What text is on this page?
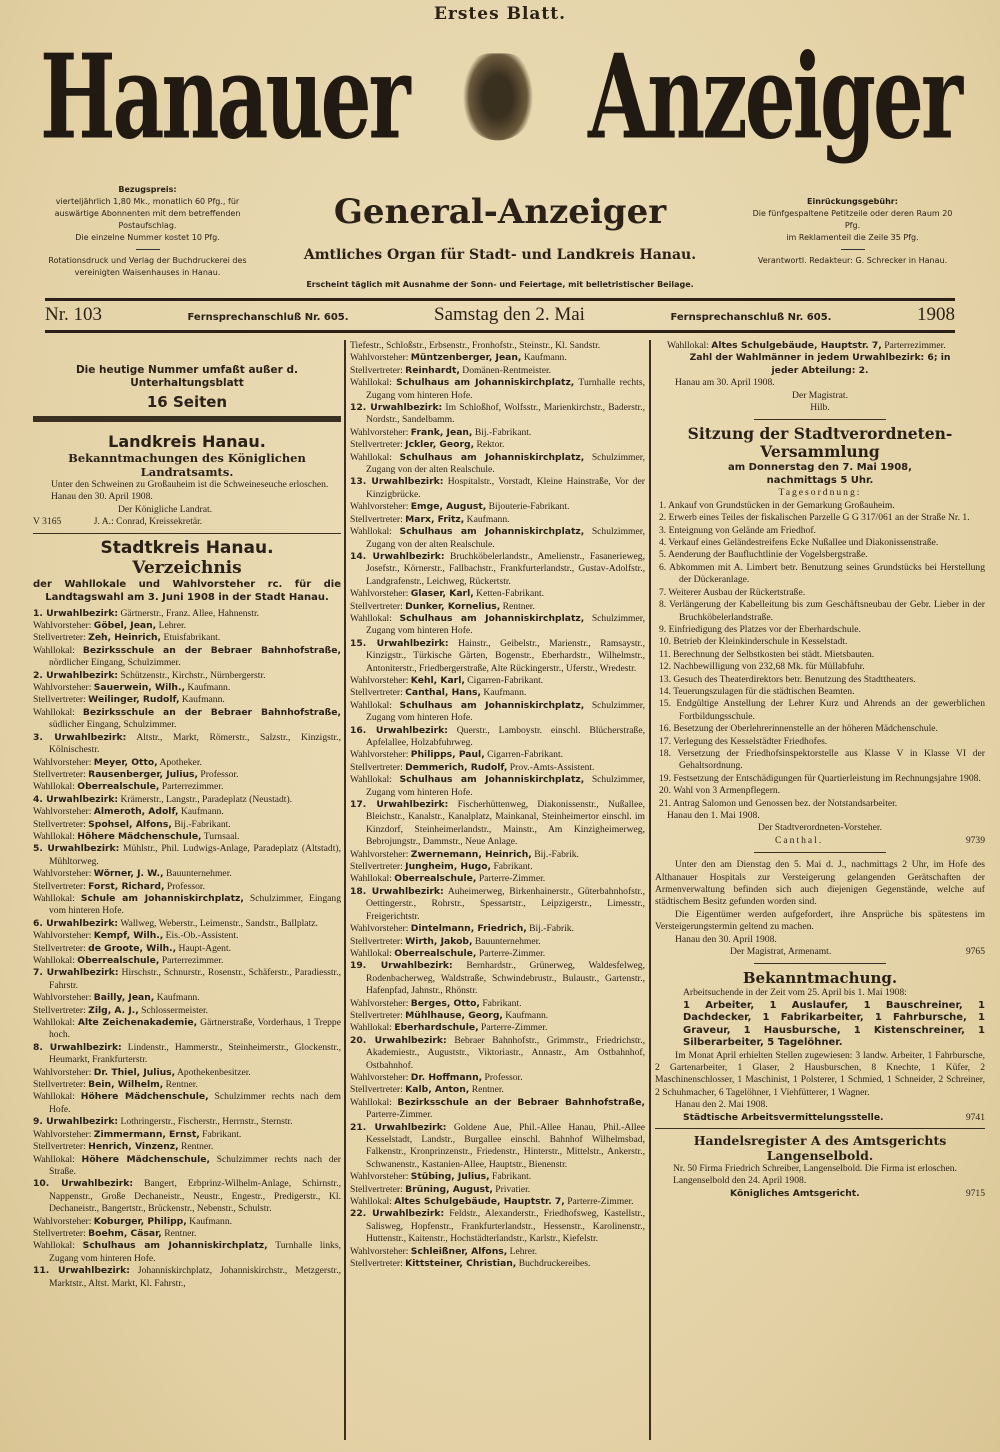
Erstes Blatt.
Hanauer Anzeiger
Bezugspreis:
vierteljährlich 1,80 Mk., monatlich 60 Pfg., für auswärtige Abonnenten mit dem betreffenden Postaufschlag.
Die einzelne Nummer kostet 10 Pfg.
Rotationsdruck und Verlag der Buchdruckerei des vereinigten Waisenhauses in Hanau.
General-Anzeiger
Amtliches Organ für Stadt- und Landkreis Hanau.
Erscheint täglich mit Ausnahme der Sonn- und Feiertage, mit belletristischer Beilage.
Einrückungsgebühr:
Die fünfgespaltene Petitzeile oder deren Raum 20 Pfg.
im Reklamenteil die Zeile 35 Pfg.
Verantwortl. Redakteur: G. Schrecker in Hanau.
Nr. 103	Fernsprechanschluß Nr. 605.	Samstag den 2. Mai	Fernsprechanschluß Nr. 605.	1908
Die heutige Nummer umfaßt außer d. Unterhaltungsblatt
16 Seiten
Landkreis Hanau.
Bekanntmachungen des Königlichen Landratsamts.

Unter den Schweinen zu Großauheim ist die Schweineseuche erloschen.

Hanau den 30. April 1908.

Der Königliche Landrat.

V 3165	J. A.: Conrad, Kreissekretär.

Stadtkreis Hanau.
Verzeichnis
der Wahllokale und Wahlvorsteher rc. für die Landtagswahl am 3. Juni 1908 in der Stadt Hanau.

1. Urwahlbezirk: Gärtnerstr., Franz. Allee, Hahnenstr.

Wahlvorsteher: Göbel, Jean, Lehrer.

Stellvertreter: Zeh, Heinrich, Etuisfabrikant.

Wahllokal: Bezirksschule an der Bebraer Bahnhofstraße, nördlicher Eingang, Schulzimmer.

2. Urwahlbezirk: Schützenstr., Kirchstr., Nürnbergerstr.

Wahlvorsteher: Sauerwein, Wilh., Kaufmann.

Stellvertreter: Weilinger, Rudolf, Kaufmann.

Wahllokal: Bezirksschule an der Bebraer Bahnhofstraße, südlicher Eingang, Schulzimmer.

3. Urwahlbezirk: Altstr., Markt, Römerstr., Salzstr., Kinzigstr., Kölnischestr.

Wahlvorsteher: Meyer, Otto, Apotheker.

Stellvertreter: Rausenberger, Julius, Professor.

Wahllokal: Oberrealschule, Parterrezimmer.

4. Urwahlbezirk: Krämerstr., Langstr., Paradeplatz (Neustadt).

Wahlvorsteher: Almeroth, Adolf, Kaufmann.

Stellvertreter: Spohsel, Alfons, Bij.-Fabrikant.

Wahllokal: Höhere Mädchenschule, Turnsaal.

5. Urwahlbezirk: Mühlstr., Phil. Ludwigs-Anlage, Paradeplatz (Altstadt), Mühltorweg.

Wahlvorsteher: Wörner, J. W., Bauunternehmer.

Stellvertreter: Forst, Richard, Professor.

Wahllokal: Schule am Johanniskirchplatz, Schulzimmer, Eingang vom hinteren Hofe.

6. Urwahlbezirk: Wallweg, Weberstr., Leimenstr., Sandstr., Ballplatz.

Wahlvorsteher: Kempf, Wilh., Eis.-Ob.-Assistent.

Stellvertreter: de Groote, Wilh., Haupt-Agent.

Wahllokal: Oberrealschule, Parterrezimmer.

7. Urwahlbezirk: Hirschstr., Schnurstr., Rosenstr., Schäferstr., Paradiesstr., Fahrstr.

Wahlvorsteher: Bailly, Jean, Kaufmann.

Stellvertreter: Zilg, A. J., Schlossermeister.

Wahllokal: Alte Zeichenakademie, Gärtnerstraße, Vorderhaus, 1 Treppe hoch.

8. Urwahlbezirk: Lindenstr., Hammerstr., Steinheimerstr., Glockenstr., Heumarkt, Frankfurterstr.

Wahlvorsteher: Dr. Thiel, Julius, Apothekenbesitzer.

Stellvertreter: Bein, Wilhelm, Rentner.

Wahllokal: Höhere Mädchenschule, Schulzimmer rechts nach dem Hofe.

9. Urwahlbezirk: Lothringerstr., Fischerstr., Herrnstr., Sternstr.

Wahlvorsteher: Zimmermann, Ernst, Fabrikant.

Stellvertreter: Henrich, Vinzenz, Rentner.

Wahllokal: Höhere Mädchenschule, Schulzimmer rechts nach der Straße.

10. Urwahlbezirk: Bangert, Erbprinz-Wilhelm-Anlage, Schirnstr., Nappenstr., Große Dechaneistr., Neustr., Engestr., Predigerstr., Kl. Dechaneistr., Bangertstr., Brückenstr., Nebenstr., Schulstr.

Wahlvorsteher: Koburger, Philipp, Kaufmann.

Stellvertreter: Boehm, Cäsar, Rentner.

Wahllokal: Schulhaus am Johanniskirchplatz, Turnhalle links, Zugang vom hinteren Hofe.

11. Urwahlbezirk: Johanniskirchplatz, Johanniskirchstr., Metzgerstr., Marktstr., Altst. Markt, Kl. Fahrstr.,

Tiefestr., Schloßstr., Erbsenstr., Fronhofstr., Steinstr., Kl. Sandstr.

Wahlvorsteher: Müntzenberger, Jean, Kaufmann.

Stellvertreter: Reinhardt, Domänen-Rentmeister.

Wahllokal: Schulhaus am Johanniskirchplatz, Turnhalle rechts, Zugang vom hinteren Hofe.

12. Urwahlbezirk: Im Schloßhof, Wolfsstr., Marienkirchstr., Baderstr., Nordstr., Sandelbamm.

Wahlvorsteher: Frank, Jean, Bij.-Fabrikant.

Stellvertreter: Jckler, Georg, Rektor.

Wahllokal: Schulhaus am Johanniskirchplatz, Schulzimmer, Zugang von der alten Realschule.

13. Urwahlbezirk: Hospitalstr., Vorstadt, Kleine Hainstraße, Vor der Kinzigbrücke.

Wahlvorsteher: Emge, August, Bijouterie-Fabrikant.

Stellvertreter: Marx, Fritz, Kaufmann.

Wahllokal: Schulhaus am Johanniskirchplatz, Schulzimmer, Zugang von der alten Realschule.

14. Urwahlbezirk: Bruchköbelerlandstr., Amelienstr., Fasanerieweg, Josefstr., Körnerstr., Fallbachstr., Frankfurterlandstr., Gustav-Adolfstr., Landgrafenstr., Leichweg, Rückertstr.

Wahlvorsteher: Glaser, Karl, Ketten-Fabrikant.

Stellvertreter: Dunker, Kornelius, Rentner.

Wahllokal: Schulhaus am Johanniskirchplatz, Schulzimmer, Zugang vom hinteren Hofe.

15. Urwahlbezirk: Hainstr., Geibelstr., Marienstr., Ramsaystr., Kinzigstr., Türkische Gärten, Bogenstr., Eberhardstr., Wilhelmstr., Antoniterstr., Friedbergerstraße, Alte Rückingerstr., Uferstr., Wredestr.

Wahlvorsteher: Kehl, Karl, Cigarren-Fabrikant.

Stellvertreter: Canthal, Hans, Kaufmann.

Wahllokal: Schulhaus am Johanniskirchplatz, Schulzimmer, Zugang vom hinteren Hofe.

16. Urwahlbezirk: Querstr., Lamboystr. einschl. Blücherstraße, Apfelallee, Holzabfuhrweg.

Wahlvorsteher: Philipps, Paul, Cigarren-Fabrikant.

Stellvertreter: Demmerich, Rudolf, Prov.-Amts-Assistent.

Wahllokal: Schulhaus am Johanniskirchplatz, Schulzimmer, Zugang vom hinteren Hofe.

17. Urwahlbezirk: Fischerhüttenweg, Diakonissenstr., Nußallee, Bleichstr., Kanalstr., Kanalplatz, Mainkanal, Steinheimertor einschl. im Kinzdorf, Steinheimerlandstr., Mainstr., Am Kinzigheimerweg, Bebrojungstr., Dammstr., Neue Anlage.

Wahlvorsteher: Zwernemann, Heinrich, Bij.-Fabrik.

Stellvertreter: Jungheim, Hugo, Fabrikant.

Wahllokal: Oberrealschule, Parterre-Zimmer.

18. Urwahlbezirk: Auheimerweg, Birkenhainerstr., Güterbahnhofstr., Oettingerstr., Rohrstr., Spessartstr., Leipzigerstr., Limesstr., Freigerichtstr.

Wahlvorsteher: Dintelmann, Friedrich, Bij.-Fabrik.

Stellvertreter: Wirth, Jakob, Bauunternehmer.

Wahllokal: Oberrealschule, Parterre-Zimmer.

19. Urwahlbezirk: Bernhardstr., Grünerweg, Waldesfelweg, Rodenbacherweg, Waldstraße, Schwindebrustr., Bulaustr., Gartenstr., Hafenpfad, Jahnstr., Rhönstr.

Wahlvorsteher: Berges, Otto, Fabrikant.

Stellvertreter: Mühlhause, Georg, Kaufmann.

Wahllokal: Eberhardschule, Parterre-Zimmer.

20. Urwahlbezirk: Bebraer Bahnhofstr., Grimmstr., Friedrichstr., Akademiestr., Auguststr., Viktoriastr., Annastr., Am Ostbahnhof, Ostbahnhof.

Wahlvorsteher: Dr. Hoffmann, Professor.

Stellvertreter: Kalb, Anton, Rentner.

Wahllokal: Bezirksschule an der Bebraer Bahnhofstraße, Parterre-Zimmer.

21. Urwahlbezirk: Goldene Aue, Phil.-Allee Hanau, Phil.-Allee Kesselstadt, Landstr., Burgallee einschl. Bahnhof Wilhelmsbad, Falkenstr., Kronprinzenstr., Friedenstr., Hinterstr., Mittelstr., Ankerstr., Schwanenstr., Kastanien-Allee, Hauptstr., Bienenstr.

Wahlvorsteher: Stübing, Julius, Fabrikant.

Stellvertreter: Brüning, August, Privatier.

Wahllokal: Altes Schulgebäude, Hauptstr. 7, Parterre-Zimmer.

22. Urwahlbezirk: Feldstr., Alexanderstr., Friedhofsweg, Kastellstr., Salisweg, Hopfenstr., Frankfurterlandstr., Hessenstr., Karolinenstr., Huttenstr., Kaitenstr., Hochstädterlandstr., Karlstr., Kiefelstr.

Wahlvorsteher: Schleißner, Alfons, Lehrer.

Stellvertreter: Kittsteiner, Christian, Buchdruckereibes.

Wahllokal: Altes Schulgebäude, Hauptstr. 7, Parterrezimmer.

Zahl der Wahlmänner in jedem Urwahlbezirk: 6; in jeder Abteilung: 2.

Hanau am 30. April 1908.

Der Magistrat.

Hilb.

Sitzung der Stadtverordneten-Versammlung
am Donnerstag den 7. Mai 1908, nachmittags 5 Uhr.

Tagesordnung:

1. Ankauf von Grundstücken in der Gemarkung Großauheim.
2. Erwerb eines Teiles der fiskalischen Parzelle G G 317/061 an der Straße Nr. 1.
3. Enteignung von Gelände am Friedhof.
4. Verkauf eines Geländestreifens Ecke Nußallee und Diakonissenstraße.
5. Aenderung der Baufluchtlinie der Vogelsbergstraße.
6. Abkommen mit A. Limbert betr. Benutzung seines Grundstücks bei Herstellung der Dückeranlage.
7. Weiterer Ausbau der Rückertstraße.
8. Verlängerung der Kabelleitung bis zum Geschäftsneubau der Gebr. Lieber in der Bruchköbelerlandstraße.
9. Einfriedigung des Platzes vor der Eberhardschule.
10. Betrieb der Kleinkinderschule in Kesselstadt.
11. Berechnung der Selbstkosten bei städt. Mietsbauten.
12. Nachbewilligung von 232,68 Mk. für Müllabfuhr.
13. Gesuch des Theaterdirektors betr. Benutzung des Stadttheaters.
14. Teuerungszulagen für die städtischen Beamten.
15. Endgültige Anstellung der Lehrer Kurz und Ahrends an der gewerblichen Fortbildungsschule.
16. Besetzung der Oberlehrerinnenstelle an der höheren Mädchenschule.
17. Verlegung des Kesselstädter Friedhofes.
18. Versetzung der Friedhofsinspektorstelle aus Klasse V in Klasse VI der Gehaltsordnung.
19. Festsetzung der Entschädigungen für Quartierleistung im Rechnungsjahre 1908.
20. Wahl von 3 Armenpflegern.
21. Antrag Salomon und Genossen bez. der Notstandsarbeiter.

Hanau den 1. Mai 1908.

Der Stadtverordneten-Vorsteher.

Canthal.	9739

Unter den am Dienstag den 5. Mai d. J., nachmittags 2 Uhr, im Hofe des Althanauer Hospitals zur Versteigerung gelangenden Gerätschaften der Armenverwaltung befinden sich auch diejenigen Gegenstände, welche auf städtischem Besitz gefunden worden sind.

Die Eigentümer werden aufgefordert, ihre Ansprüche bis spätestens im Versteigerungstermin geltend zu machen.

Hanau den 30. April 1908.

Der Magistrat, Armenamt.	9765
Bekanntmachung.

Arbeitsuchende in der Zeit vom 25. April bis 1. Mai 1908:

1 Arbeiter, 1 Auslaufer, 1 Bauschreiner, 1 Dachdecker, 1 Fabrikarbeiter, 1 Fahrbursche, 1 Graveur, 1 Hausbursche, 1 Kistenschreiner, 1 Silberarbeiter, 5 Tagelöhner.

Im Monat April erhielten Stellen zugewiesen: 3 landw. Arbeiter, 1 Fahrbursche, 2 Gartenarbeiter, 1 Glaser, 2 Hausburschen, 8 Knechte, 1 Küfer, 2 Maschinenschlosser, 1 Maschinist, 1 Polsterer, 1 Schmied, 1 Schneider, 2 Schreiner, 2 Schuhmacher, 6 Tagelöhner, 1 Viehfütterer, 1 Wagner.

Hanau den 2. Mai 1908.

Städtische Arbeitsvermittelungsstelle.	9741
Handelsregister A des Amtsgerichts Langenselbold.

Nr. 50 Firma Friedrich Schreiber, Langenselbold. Die Firma ist erloschen.

Langenselbold den 24. April 1908.

Königliches Amtsgericht.	9715
